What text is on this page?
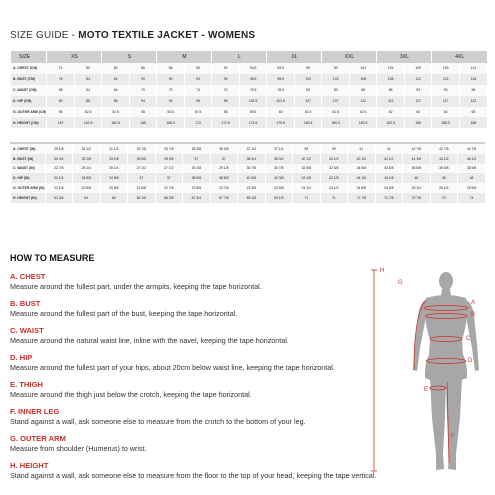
SIZE GUIDE - MOTO TEXTILE JACKET - WOMENS
SIZE	XS		S		M		L		XL		XXL		3XL		4XL	
A. CHEST (CM)	74	80	80	86	86	90	90	94.5	94.5	99	99	104	104	109	109	114
B. BUST (CM)	78	84	84	90	90	94	94	98.5	98.5	103	103	108	108	112	113	118
C. WAIST (CM)	58	64	64	70	70	74	74	78.5	78.5	83	83	88	88	93	93	98
D. HIP (CM)	82	88	88	94	94	98	98	102.5	102.5	107	107	112	112	117	117	122
G. OUTER ARM (CM)	56	52.5	52.5	55	55.5	57.5	58	59.5	60	61.5	61.5	62.5	62	64	64	65
H. HEIGHT (CM)	157	162.5	162.5	168	168.5	172	172.5	175.5	175.5	180.5	180.5	182.5	182.5	185	185.5	188
A. CHEST (IN)	29 1/8	31 1/2	31 1/2	33 7/8	33 7/8	35 3/8	35 3/8	37 1/4	37 1/4	39	39	41	41	42 7/8	42 7/8	44 7/8
B. BUST (IN)	30 3/4	33 1/8	33 1/8	35 3/8	35 3/8	37	37	38 3/4	38 3/4	40 1/2	40 1/2	42 1/2	42 1/2	44 1/8	44 1/2	46 1/2
C. WAIST (IN)	22 7/8	25 1/4	25 1/4	27 1/2	27 1/2	29 1/8	29 1/8	30 7/8	30 7/8	32 5/8	32 5/8	34 5/8	34 5/8	36 5/8	36 5/8	38 5/8
D. HIP (IN)	32 1/4	34 5/8	34 5/8	37	37	38 5/8	38 5/8	40 3/8	40 3/8	42 1/8	42 1/8	44 1/8	44 1/8	46	46	48
G. OUTER ARM (IN)	22 1/8	20 5/8	20 5/8	21 5/8	21 7/8	22 5/8	22 7/8	23 3/8	23 5/8	24 1/4	24 1/4	24 5/8	24 3/8	25 1/4	25 1/4	25 5/8
H. HEIGHT (IN)	61 3/4	64	64	66 1/8	66 3/8	67 3/4	67 7/8	69 1/8	69 1/8	71	71	71 7/8	71 7/8	72 7/8	73	74
HOW TO MEASURE
A. CHEST
Measure around the fullest part, under the armpits, keeping the tape horizontal.
B. BUST
Measure around the fullest part of the bust, keeping the tape horizontal.
C. WAIST
Measure around the natural waist line, inline with the navel, keeping the tape horizontal.
D. HIP
Measure around the fullest part of your hips, about 20cm below waist line, keeping the tape horizontal.
E. THIGH
Measure around the thigh just below the crotch, keeping the tape horizontal.
F. INNER LEG
Stand against a wall, ask someone else to measure from the crotch to the bottom of your leg.
G. OUTER ARM
Measure from shoulder (Humerus) to wrist.
H. HEIGHT
Stand against a wall, ask someone else to measure from the floor to the top of your head, keeping the tape vertical.
H
G
A
B
C
D
E
F
